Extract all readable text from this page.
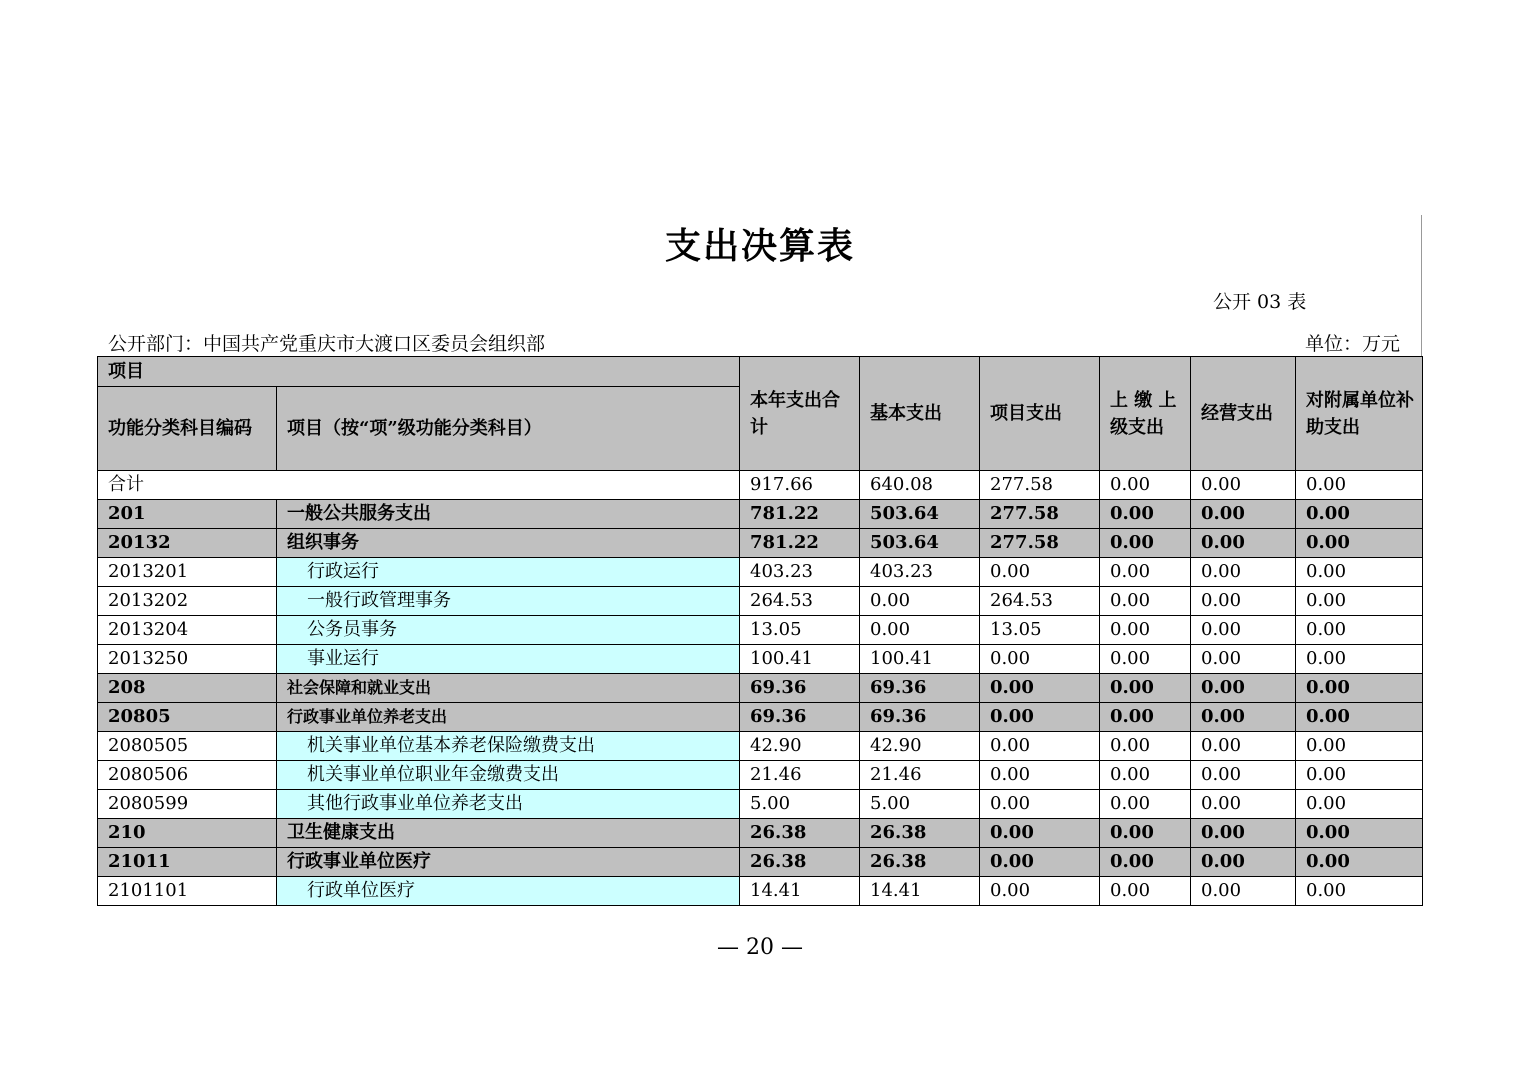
支出决算表
公开 03 表
公开部门：中国共产党重庆市大渡口区委员会组织部	单位：万元
项目		本年支出合计	基本支出	项目支出	上 缴 上级支出	经营支出	对附属单位补助支出
功能分类科目编码	项目（按“项”级功能分类科目）						
合计		917.66	640.08	277.58	0.00	0.00	0.00
201	一般公共服务支出	781.22	503.64	277.58	0.00	0.00	0.00
20132	组织事务	781.22	503.64	277.58	0.00	0.00	0.00
2013201	行政运行	403.23	403.23	0.00	0.00	0.00	0.00
2013202	一般行政管理事务	264.53	0.00	264.53	0.00	0.00	0.00
2013204	公务员事务	13.05	0.00	13.05	0.00	0.00	0.00
2013250	事业运行	100.41	100.41	0.00	0.00	0.00	0.00
208	社会保障和就业支出	69.36	69.36	0.00	0.00	0.00	0.00
20805	行政事业单位养老支出	69.36	69.36	0.00	0.00	0.00	0.00
2080505	机关事业单位基本养老保险缴费支出	42.90	42.90	0.00	0.00	0.00	0.00
2080506	机关事业单位职业年金缴费支出	21.46	21.46	0.00	0.00	0.00	0.00
2080599	其他行政事业单位养老支出	5.00	5.00	0.00	0.00	0.00	0.00
210	卫生健康支出	26.38	26.38	0.00	0.00	0.00	0.00
21011	行政事业单位医疗	26.38	26.38	0.00	0.00	0.00	0.00
2101101	行政单位医疗	14.41	14.41	0.00	0.00	0.00	0.00
— 20 —
